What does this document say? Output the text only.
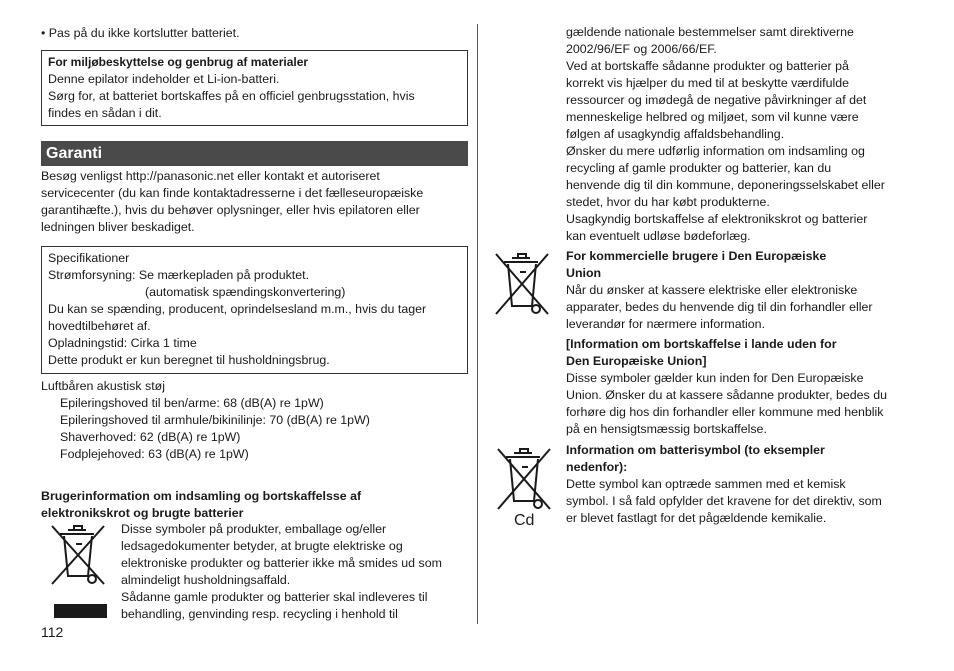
• Pas på du ikke kortslutter batteriet.

For miljøbeskyttelse og genbrug af materialer

Denne epilator indeholder et Li-ion-batteri.

Sørg for, at batteriet bortskaffes på en officiel genbrugsstation, hvis

findes en sådan i dit.

Garanti

Besøg venligst http://panasonic.net eller kontakt et autoriseret

servicecenter (du kan finde kontaktadresserne i det fælleseuropæiske

garantihæfte.), hvis du behøver oplysninger, eller hvis epilatoren eller

ledningen bliver beskadiget.

Specifikationer

Strømforsyning: Se mærkepladen på produktet.

(automatisk spændingskonvertering)

Du kan se spænding, producent, oprindelsesland m.m., hvis du tager

hovedtilbehøret af.

Opladningstid: Cirka 1 time

Dette produkt er kun beregnet til husholdningsbrug.

Luftbåren akustisk støj

Epileringshoved til ben/arme: 68 (dB(A) re 1pW)

Epileringshoved til armhule/bikinilinje: 70 (dB(A) re 1pW)

Shaverhoved: 62 (dB(A) re 1pW)

Fodplejehoved: 63 (dB(A) re 1pW)

Brugerinformation om indsamling og bortskaffelsse af

elektronikskrot og brugte batterier

Disse symboler på produkter, emballage og/eller

ledsagedokumenter betyder, at brugte elektriske og

elektroniske produkter og batterier ikke må smides ud som

almindeligt husholdningsaffald.

Sådanne gamle produkter og batterier skal indleveres til

behandling, genvinding resp. recycling i henhold til

112

gældende nationale bestemmelser samt direktiverne

2002/96/EF og 2006/66/EF.

Ved at bortskaffe sådanne produkter og batterier på

korrekt vis hjælper du med til at beskytte værdifulde

ressourcer og imødegå de negative påvirkninger af det

menneskelige helbred og miljøet, som vil kunne være

følgen af usagkyndig affaldsbehandling.

Ønsker du mere udførlig information om indsamling og

recycling af gamle produkter og batterier, kan du

henvende dig til din kommune, deponeringsselskabet eller

stedet, hvor du har købt produkterne.

Usagkyndig bortskaffelse af elektronikskrot og batterier

kan eventuelt udløse bødeforlæg.

For kommercielle brugere i Den Europæiske

Union

Når du ønsker at kassere elektriske eller elektroniske

apparater, bedes du henvende dig til din forhandler eller

leverandør for nærmere information.

[Information om bortskaffelse i lande uden for

Den Europæiske Union]

Disse symboler gælder kun inden for Den Europæiske

Union. Ønsker du at kassere sådanne produkter, bedes du

forhøre dig hos din forhandler eller kommune med henblik

på en hensigtsmæssig bortskaffelse.

Cd

Information om batterisymbol (to eksempler

nedenfor):

Dette symbol kan optræde sammen med et kemisk

symbol. I så fald opfylder det kravene for det direktiv, som

er blevet fastlagt for det pågældende kemikalie.
